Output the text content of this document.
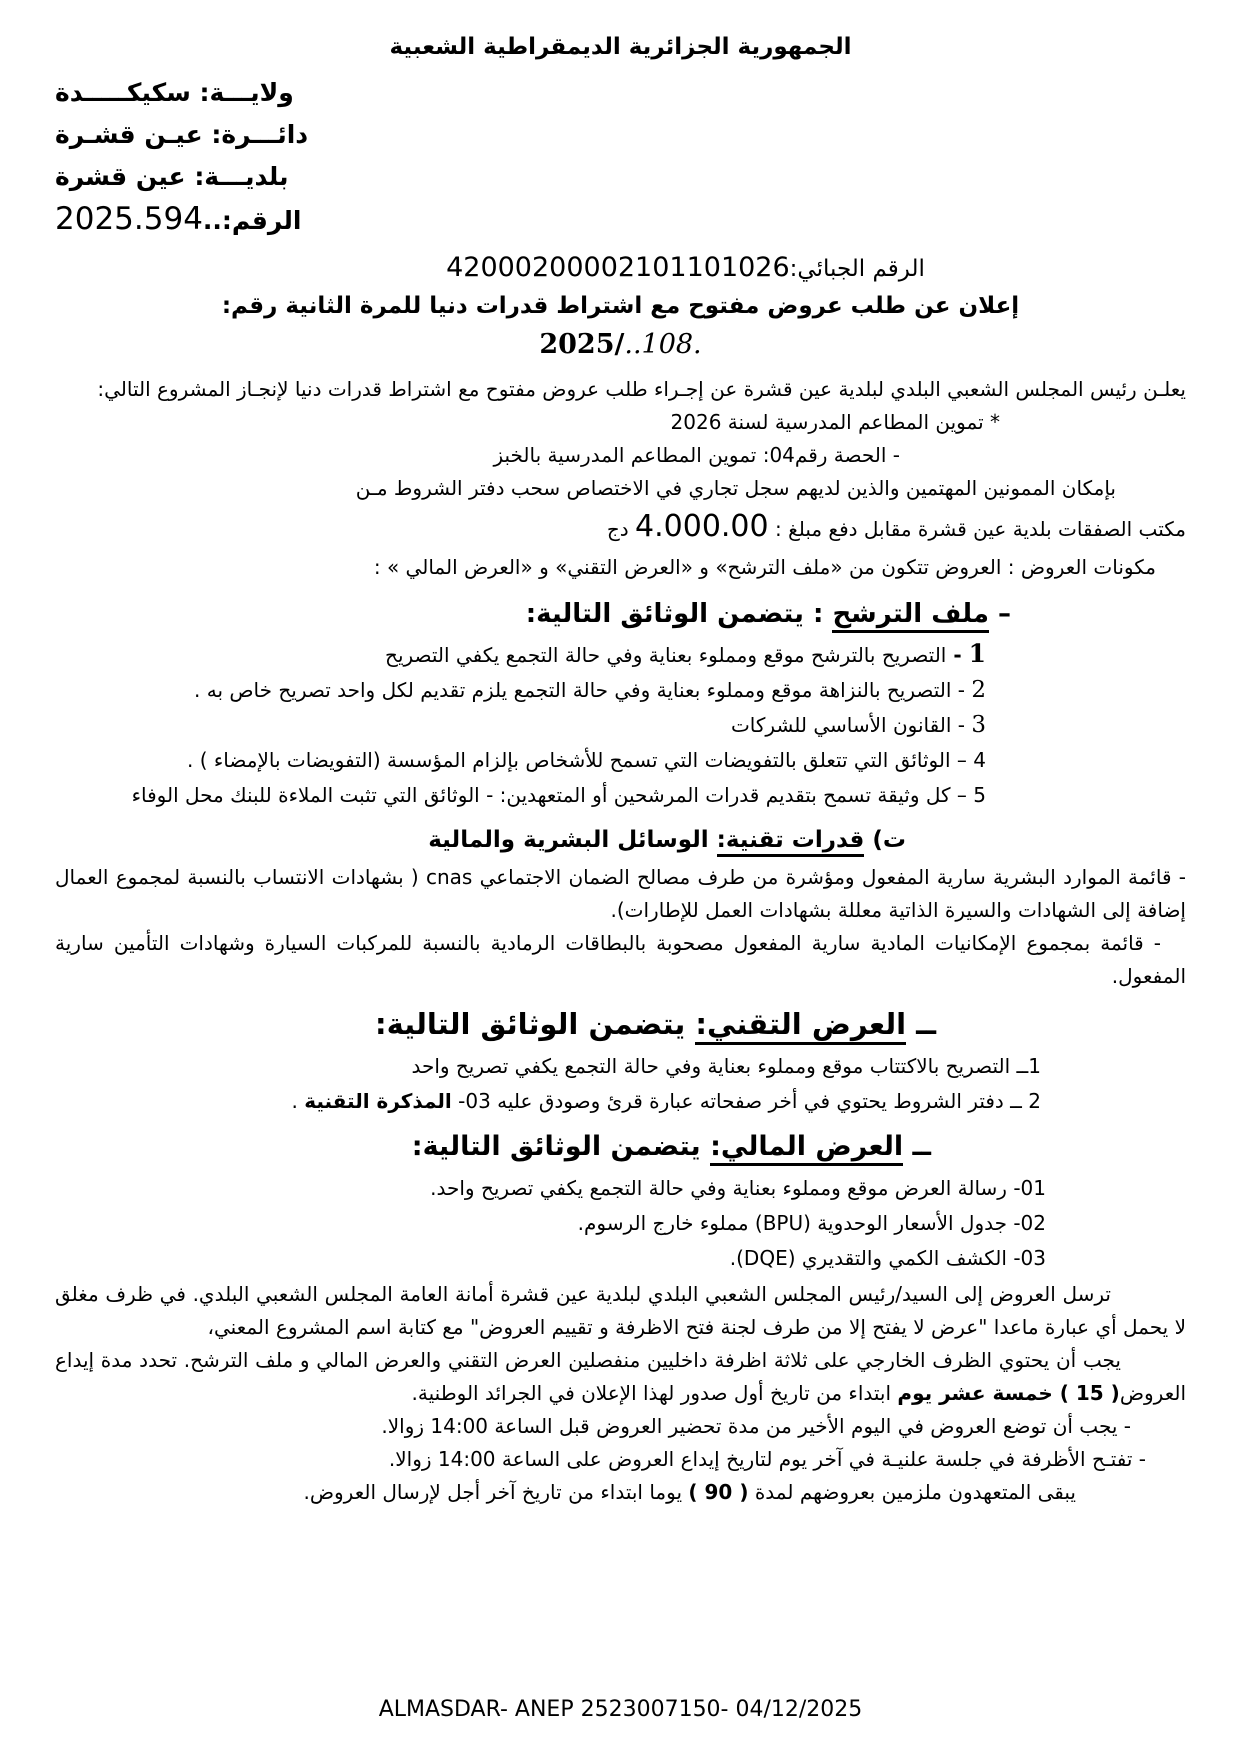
الجمهورية الجزائرية الديمقراطية الشعبية
ولايـــة: سكيكـــــدة
دائـــرة: عيـن قشـرة
بلديـــة: عين قشرة
الرقم:..2025.594
الرقم الجبائي:42000200002101101026
إعلان عن طلب عروض مفتوح مع اشتراط قدرات دنيا للمرة الثانية رقم:
2025/..108.
يعلـن رئيس المجلس الشعبي البلدي لبلدية عين قشرة عن إجـراء طلب عروض مفتوح مع اشتراط قدرات دنيا لإنجـاز المشروع التالي:
* تموين المطاعم المدرسية لسنة 2026
- الحصة رقم04: تموين المطاعم المدرسية بالخبز
بإمكان الممونين المهتمين والذين لديهم سجل تجاري في الاختصاص سحب دفتر الشروط مـن
مكتب الصفقات بلدية عين قشرة مقابل دفع مبلغ : 4.000.00 دج
مكونات العروض : العروض تتكون من «ملف الترشح» و «العرض التقني» و «العرض المالي » :
– ملف الترشح : يتضمن الوثائق التالية:
1 - التصريح بالترشح موقع ومملوء بعناية وفي حالة التجمع يكفي التصريح
2 - التصريح بالنزاهة موقع ومملوء بعناية وفي حالة التجمع يلزم تقديم لكل واحد تصريح خاص به .
3 - القانون الأساسي للشركات
4 – الوثائق التي تتعلق بالتفويضات التي تسمح للأشخاص بإلزام المؤسسة (التفويضات بالإمضاء ) .
5 – كل وثيقة تسمح بتقديم قدرات المرشحين أو المتعهدين: - الوثائق التي تثبت الملاءة للبنك محل الوفاء
ت) قدرات تقنية: الوسائل البشرية والمالية
- قائمة الموارد البشرية سارية المفعول ومؤشرة من طرف مصالح الضمان الاجتماعي cnas ( بشهادات الانتساب بالنسبة لمجموع العمال إضافة إلى الشهادات والسيرة الذاتية معللة بشهادات العمل للإطارات).
- قائمة بمجموع الإمكانيات المادية سارية المفعول مصحوبة بالبطاقات الرمادية بالنسبة للمركبات السيارة وشهادات التأمين سارية المفعول.
ــ العرض التقني: يتضمن الوثائق التالية:
1ــ التصريح بالاكتتاب موقع ومملوء بعناية وفي حالة التجمع يكفي تصريح واحد
2 ــ دفتر الشروط يحتوي في أخر صفحاته عبارة قرئ وصودق عليه 03- المذكرة التقنية .
ــ العرض المالي: يتضمن الوثائق التالية:
01- رسالة العرض موقع ومملوء بعناية وفي حالة التجمع يكفي تصريح واحد.
02- جدول الأسعار الوحدوية (BPU) مملوء خارج الرسوم.
03- الكشف الكمي والتقديري (DQE).
ترسل العروض إلى السيد/رئيس المجلس الشعبي البلدي لبلدية عين قشرة أمانة العامة المجلس الشعبي البلدي. في ظرف مغلق لا يحمل أي عبارة ماعدا "عرض لا يفتح إلا من طرف لجنة فتح الاظرفة و تقييم العروض" مع كتابة اسم المشروع المعني،
يجب أن يحتوي الظرف الخارجي على ثلاثة اظرفة داخليين منفصلين العرض التقني والعرض المالي و ملف الترشح. تحدد مدة إيداع العروض( 15 ) خمسة عشر يوم ابتداء من تاريخ أول صدور لهذا الإعلان في الجرائد الوطنية.
- يجب أن توضع العروض في اليوم الأخير من مدة تحضير العروض قبل الساعة 14:00 زوالا.
- تفتـح الأظرفة في جلسة علنيـة في آخر يوم لتاريخ إيداع العروض على الساعة 14:00 زوالا.
يبقى المتعهدون ملزمين بعروضهم لمدة ( 90 ) يوما ابتداء من تاريخ آخر أجل لإرسال العروض.
ALMASDAR- ANEP 2523007150- 04/12/2025
